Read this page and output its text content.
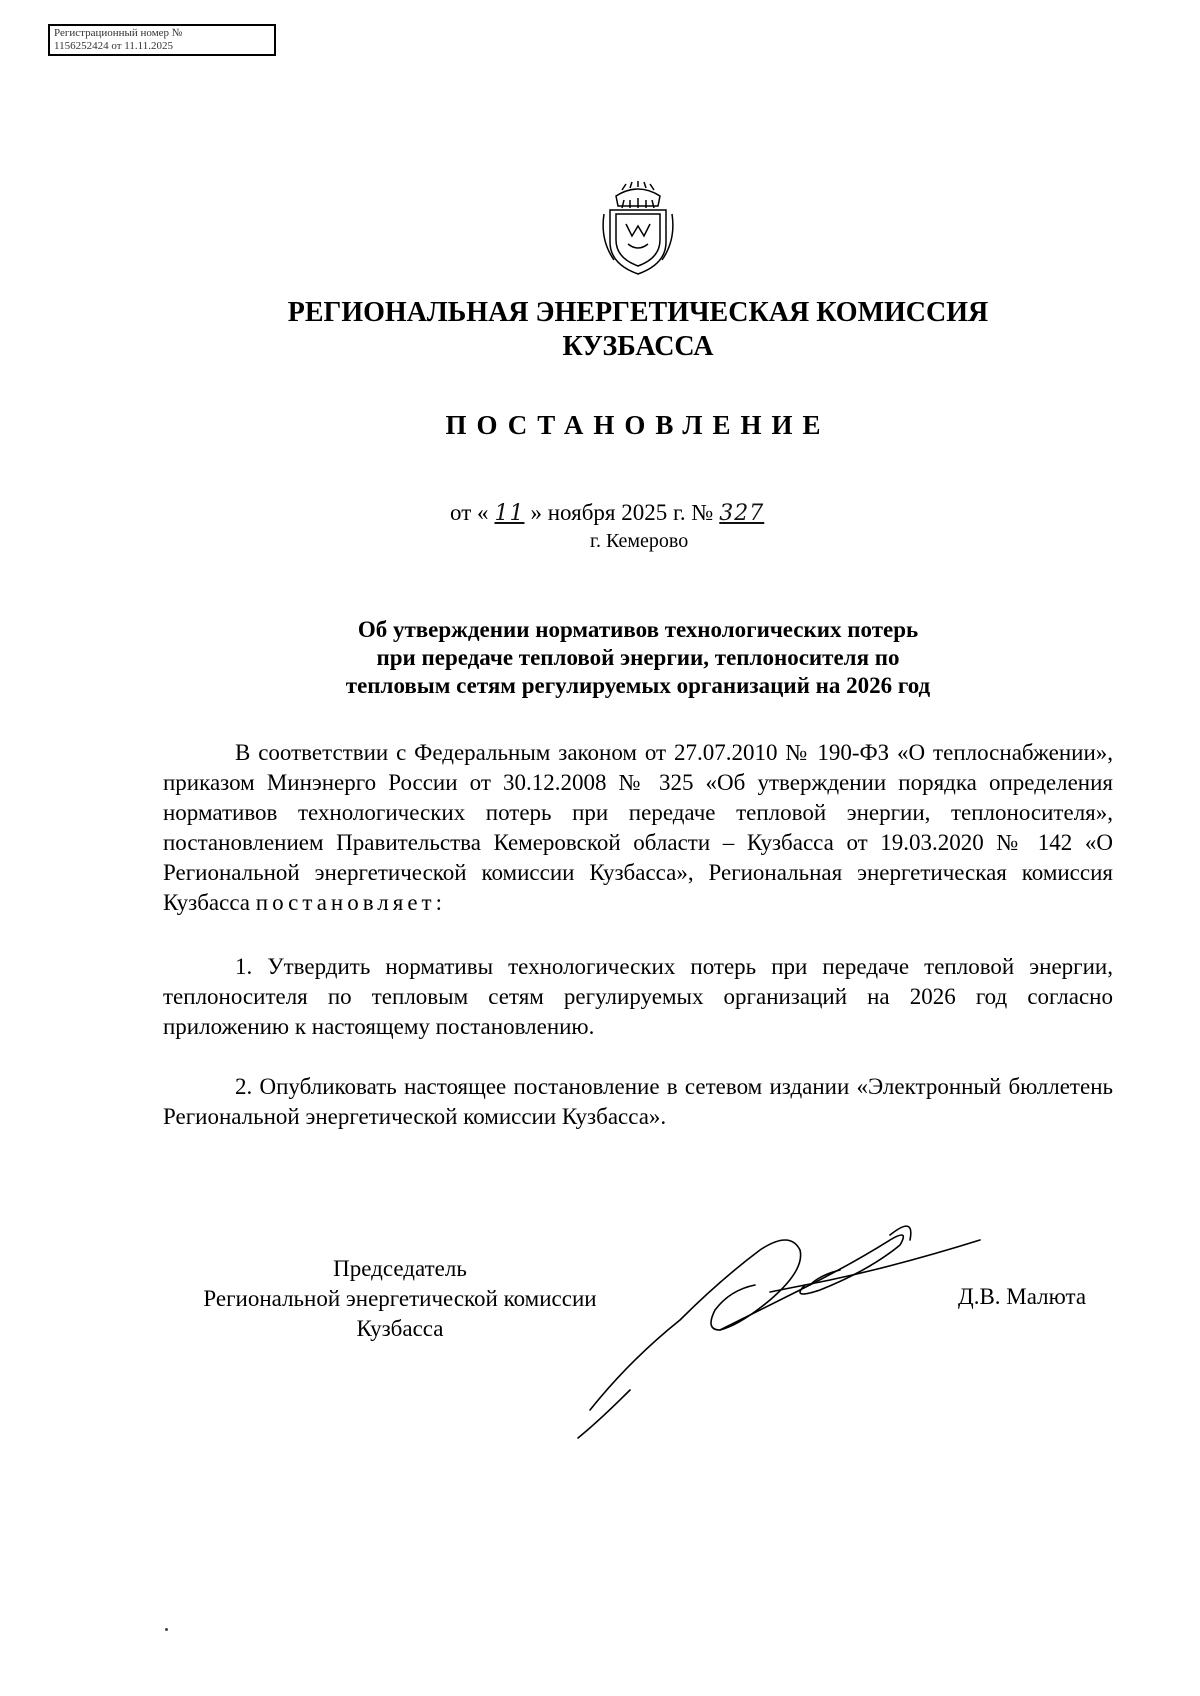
Регистрационный номер №
1156252424 от 11.11.2025
РЕГИОНАЛЬНАЯ ЭНЕРГЕТИЧЕСКАЯ КОМИССИЯ
КУЗБАССА
ПОСТАНОВЛЕНИЕ
от « 11 » ноября 2025 г. № 327
г. Кемерово
Об утверждении нормативов технологических потерь
при передаче тепловой энергии, теплоносителя по
тепловым сетям регулируемых организаций на 2026 год
В соответствии с Федеральным законом от 27.07.2010 № 190-ФЗ «О теплоснабжении», приказом Минэнерго России от 30.12.2008 № 325 «Об утверждении порядка определения нормативов технологических потерь при передаче тепловой энергии, теплоносителя», постановлением Правительства Кемеровской области – Кузбасса от 19.03.2020 № 142 «О Региональной энергетической комиссии Кузбасса», Региональная энергетическая комиссия Кузбасса постановляет:
1. Утвердить нормативы технологических потерь при передаче тепловой энергии, теплоносителя по тепловым сетям регулируемых организаций на 2026 год согласно приложению к настоящему постановлению.
2. Опубликовать настоящее постановление в сетевом издании «Электронный бюллетень Региональной энергетической комиссии Кузбасса».
Председатель
Региональной энергетической комиссии
Кузбасса
Д.В. Малюта
